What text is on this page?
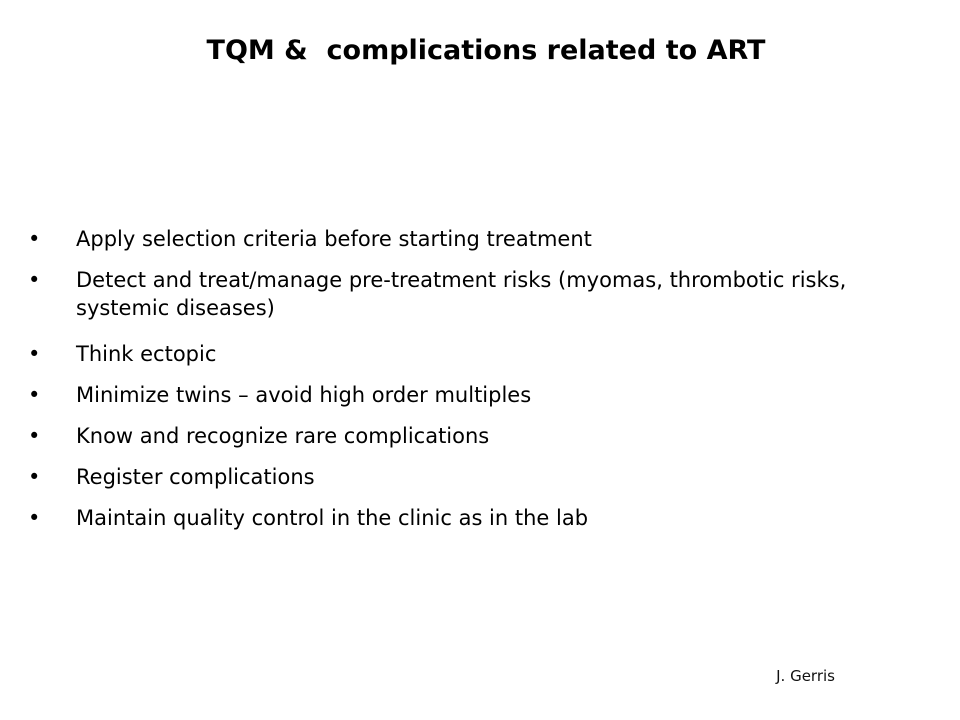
TQM &  complications related to ART
•	Apply selection criteria before starting treatment
•	Detect and treat/manage pre-treatment risks (myomas, thrombotic risks, systemic diseases)
•	Think ectopic
•	Minimize twins – avoid high order multiples
•	Know and recognize rare complications
•	Register complications
•	Maintain quality control in the clinic as in the lab
J. Gerris
